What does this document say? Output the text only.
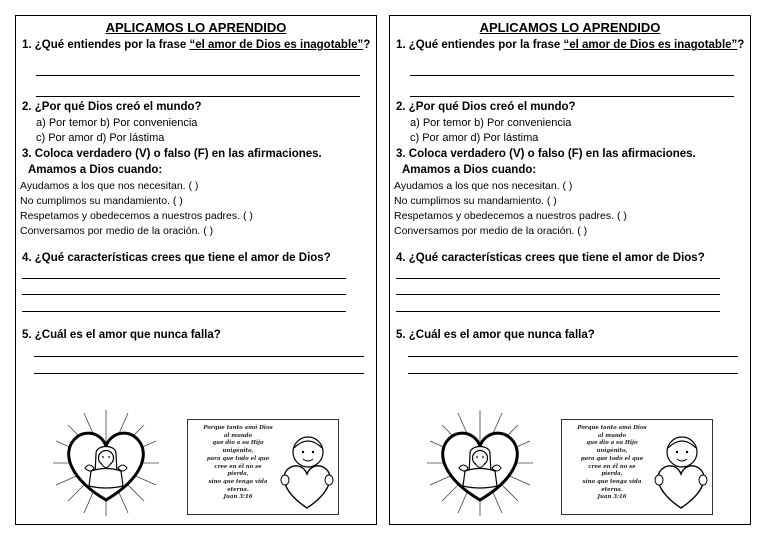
APLICAMOS LO APRENDIDO
1. ¿Qué entiendes por la frase “el amor de Dios es inagotable”?
2. ¿Por qué Dios creó el mundo?
a) Por temor b) Por conveniencia
c) Por amor d) Por lástima
3. Coloca verdadero (V) o falso (F) en las afirmaciones.
Amamos a Dios cuando:
Ayudamos a los que nos necesitan. ( )
No cumplimos su mandamiento. ( )
Respetamos y obedecemos a nuestros padres. ( )
Conversamos por medio de la oración. ( )
4. ¿Qué características crees que tiene el amor de Dios?
5. ¿Cuál es el amor que nunca falla?
Porque tanto amó Dios
al mundo
que dio a su Hijo
unigénito,
para que todo el que
cree en él no se
pierda,
sino que tenga vida
eterna.
Juan 3:16
APLICAMOS LO APRENDIDO
1. ¿Qué entiendes por la frase “el amor de Dios es inagotable”?
2. ¿Por qué Dios creó el mundo?
a) Por temor b) Por conveniencia
c) Por amor d) Por lástima
3. Coloca verdadero (V) o falso (F) en las afirmaciones.
Amamos a Dios cuando:
Ayudamos a los que nos necesitan. ( )
No cumplimos su mandamiento. ( )
Respetamos y obedecemos a nuestros padres. ( )
Conversamos por medio de la oración. ( )
4. ¿Qué características crees que tiene el amor de Dios?
5. ¿Cuál es el amor que nunca falla?
Porque tanto amó Dios
al mundo
que dio a su Hijo
unigénito,
para que todo el que
cree en él no se
pierda,
sino que tenga vida
eterna.
Juan 3:16
